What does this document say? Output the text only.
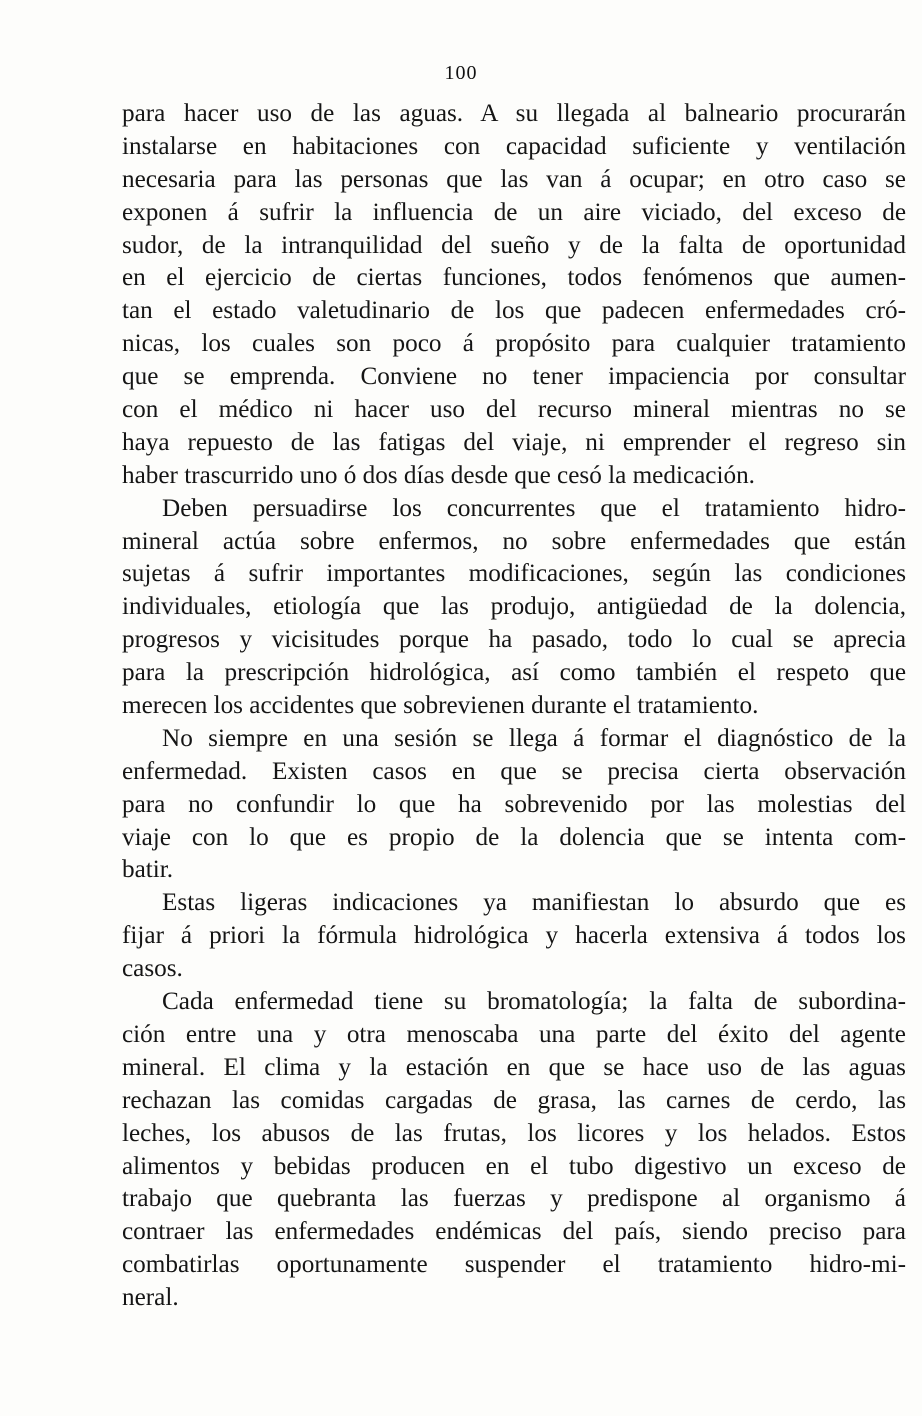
100
para hacer uso de las aguas. A su llegada al balneario procurarán
instalarse en habitaciones con capacidad suficiente y ventilación
necesaria para las personas que las van á ocupar; en otro caso se
exponen á sufrir la influencia de un aire viciado, del exceso de
sudor, de la intranquilidad del sueño y de la falta de oportunidad
en el ejercicio de ciertas funciones, todos fenómenos que aumen-
tan el estado valetudinario de los que padecen enfermedades cró-
nicas, los cuales son poco á propósito para cualquier tratamiento
que se emprenda. Conviene no tener impaciencia por consultar
con el médico ni hacer uso del recurso mineral mientras no se
haya repuesto de las fatigas del viaje, ni emprender el regreso sin
haber trascurrido uno ó dos días desde que cesó la medicación.
Deben persuadirse los concurrentes que el tratamiento hidro-
mineral actúa sobre enfermos, no sobre enfermedades que están
sujetas á sufrir importantes modificaciones, según las condiciones
individuales, etiología que las produjo, antigüedad de la dolencia,
progresos y vicisitudes porque ha pasado, todo lo cual se aprecia
para la prescripción hidrológica, así como también el respeto que
merecen los accidentes que sobrevienen durante el tratamiento.
No siempre en una sesión se llega á formar el diagnóstico de la
enfermedad. Existen casos en que se precisa cierta observación
para no confundir lo que ha sobrevenido por las molestias del
viaje con lo que es propio de la dolencia que se intenta com-
batir.
Estas ligeras indicaciones ya manifiestan lo absurdo que es
fijar á priori la fórmula hidrológica y hacerla extensiva á todos los
casos.
Cada enfermedad tiene su bromatología; la falta de subordina-
ción entre una y otra menoscaba una parte del éxito del agente
mineral. El clima y la estación en que se hace uso de las aguas
rechazan las comidas cargadas de grasa, las carnes de cerdo, las
leches, los abusos de las frutas, los licores y los helados. Estos
alimentos y bebidas producen en el tubo digestivo un exceso de
trabajo que quebranta las fuerzas y predispone al organismo á
contraer las enfermedades endémicas del país, siendo preciso para
combatirlas oportunamente suspender el tratamiento hidro-mi-
neral.
